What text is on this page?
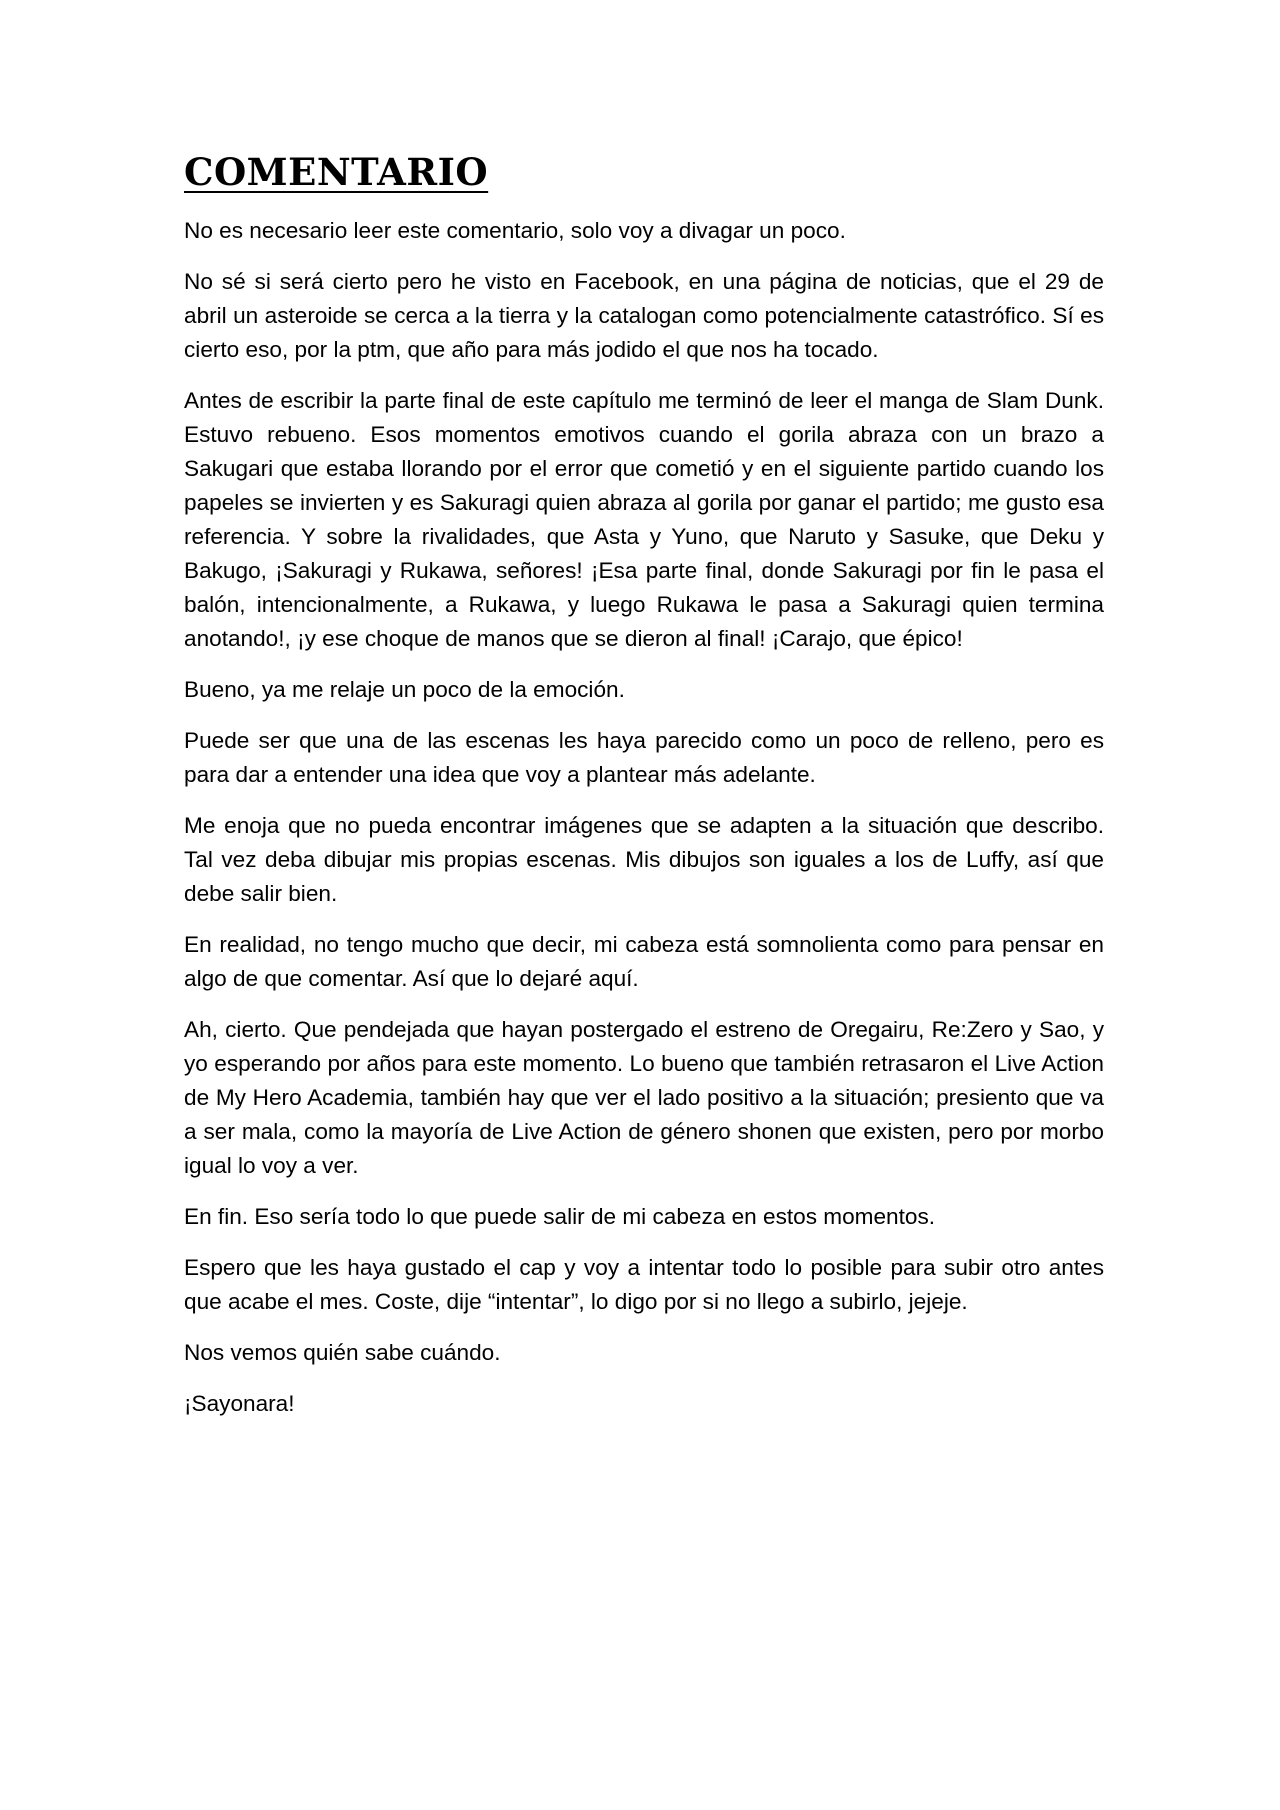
COMENTARIO

No es necesario leer este comentario, solo voy a divagar un poco.

No sé si será cierto pero he visto en Facebook, en una página de noticias, que el 29 de abril un asteroide se cerca a la tierra y la catalogan como potencialmente catastrófico. Sí es cierto eso, por la ptm, que año para más jodido el que nos ha tocado.

Antes de escribir la parte final de este capítulo me terminó de leer el manga de Slam Dunk. Estuvo rebueno. Esos momentos emotivos cuando el gorila abraza con un brazo a Sakugari que estaba llorando por el error que cometió y en el siguiente partido cuando los papeles se invierten y es Sakuragi quien abraza al gorila por ganar el partido; me gusto esa referencia. Y sobre la rivalidades, que Asta y Yuno, que Naruto y Sasuke, que Deku y Bakugo, ¡Sakuragi y Rukawa, señores! ¡Esa parte final, donde Sakuragi por fin le pasa el balón, intencionalmente, a Rukawa, y luego Rukawa le pasa a Sakuragi quien termina anotando!, ¡y ese choque de manos que se dieron al final! ¡Carajo, que épico!

Bueno, ya me relaje un poco de la emoción.

Puede ser que una de las escenas les haya parecido como un poco de relleno, pero es para dar a entender una idea que voy a plantear más adelante.

Me enoja que no pueda encontrar imágenes que se adapten a la situación que describo. Tal vez deba dibujar mis propias escenas. Mis dibujos son iguales a los de Luffy, así que debe salir bien.

En realidad, no tengo mucho que decir, mi cabeza está somnolienta como para pensar en algo de que comentar. Así que lo dejaré aquí.

Ah, cierto. Que pendejada que hayan postergado el estreno de Oregairu, Re:Zero y Sao, y yo esperando por años para este momento. Lo bueno que también retrasaron el Live Action de My Hero Academia, también hay que ver el lado positivo a la situación; presiento que va a ser mala, como la mayoría de Live Action de género shonen que existen, pero por morbo igual lo voy a ver.

En fin. Eso sería todo lo que puede salir de mi cabeza en estos momentos.

Espero que les haya gustado el cap y voy a intentar todo lo posible para subir otro antes que acabe el mes. Coste, dije “intentar”, lo digo por si no llego a subirlo, jejeje.

Nos vemos quién sabe cuándo.

¡Sayonara!
